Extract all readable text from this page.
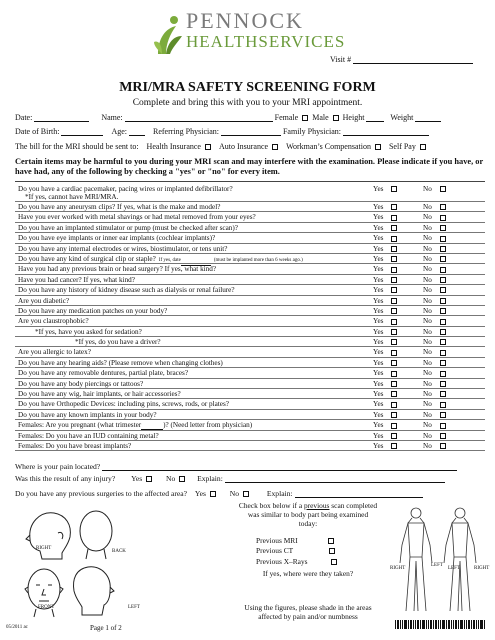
PENNOCK
HEALTHSERVICES
Visit #
MRI/MRA SAFETY SCREENING FORM
Complete and bring this with you to your MRI appointment.
Date:	Name:	Female Male Height	Weight
Date of Birth:	Age:	Referring Physician:	Family Physician:
The bill for the MRI should be sent to: Health Insurance Auto Insurance Workman’s Compensation Self Pay
Certain items may be harmful to you during your MRI scan and may interfere with the examination. Please indicate if you have, or have had, any of the following by checking a "yes" or "no" for every item.
Do you have a cardiac pacemaker, pacing wires or implanted defibrillator?
*If yes, cannot have MRI/MRA.
Yes	No
Do you have any aneurysm clips? If yes, what is the make and model?	Yes	No
Have you ever worked with metal shavings or had metal removed from your eyes?	Yes	No
Do you have an implanted stimulator or pump (must be checked after scan)?	Yes	No
Do you have eye implants or inner ear implants (cochlear implants)?	Yes	No
Do you have any internal electrodes or wires, biostimulator, or tens unit?	Yes	No
Do you have any kind of surgical clip or staple? If yes, date	(must be implanted more than 6 weeks ago.)	Yes	No
Have you had any previous brain or head surgery? If yes, what kind?	Yes	No
Have you had cancer? If yes, what kind?	Yes	No
Do you have any history of kidney disease such as dialysis or renal failure?	Yes	No
Are you diabetic?	Yes	No
Do you have any medication patches on your body?	Yes	No
Are you claustrophobic?	Yes	No
*If yes, have you asked for sedation?	Yes	No
*If yes, do you have a driver?	Yes	No
Are you allergic to latex?	Yes	No
Do you have any hearing aids? (Please remove when changing clothes)	Yes	No
Do you have any removable dentures, partial plate, braces?	Yes	No
Do you have any body piercings or tattoos?	Yes	No
Do you have any wig, hair implants, or hair accessories?	Yes	No
Do you have Orthopedic Devices: including pins, screws, rods, or plates?	Yes	No
Do you have any known implants in your body?	Yes	No
Females: Are you pregnant (what trimester	)? (Need letter from physician)	Yes	No
Females: Do you have an IUD containing metal?	Yes	No
Females: Do you have breast implants?	Yes	No
Where is your pain located?
Was this the result of any injury? Yes	No	Explain:
Do you have any previous surgeries to the affected area? Yes	No	Explain:
RIGHT
BACK
FRONT	LEFT
Check box below if a previous scan completed was similar to body part being examined today:
Previous MRI
Previous CT
Previous X–Rays
If yes, where were they taken?
Using the figures, please shade in the areas affected by pain and/or numbness
RIGHT
LEFT
LEFT	RIGHT
05/2011 ac	Page 1 of 2
